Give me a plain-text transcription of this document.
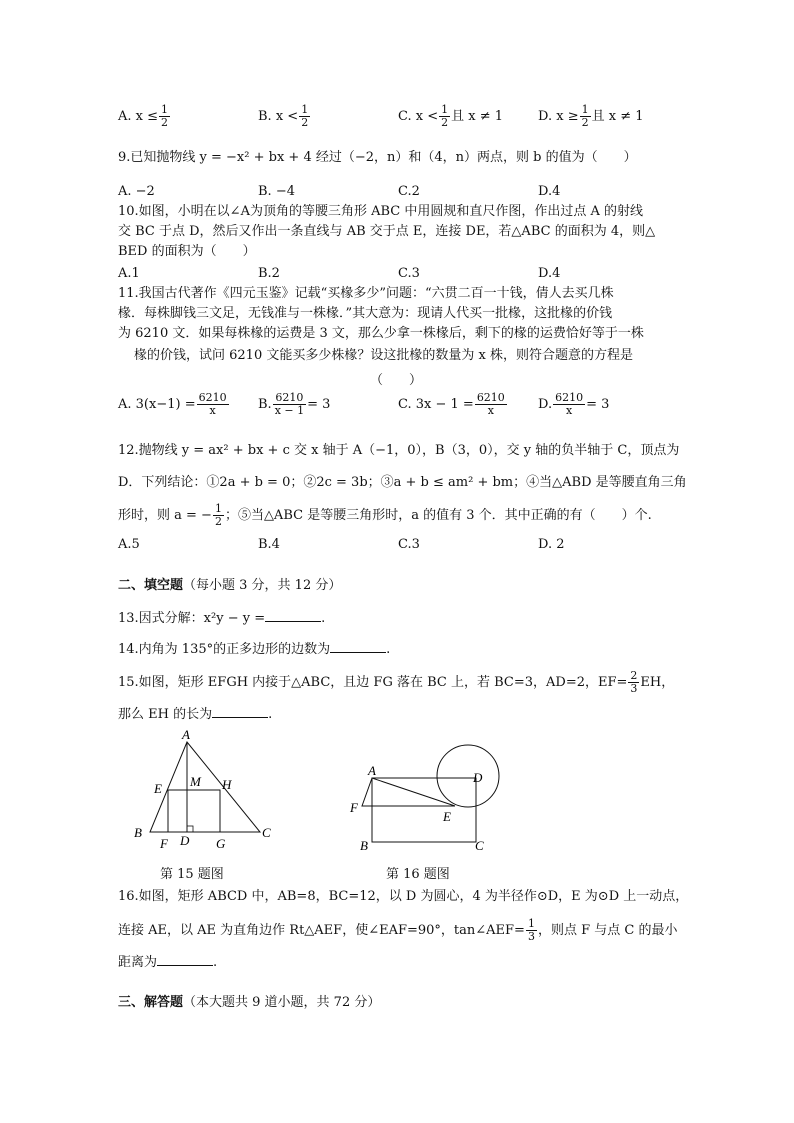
A. $x \le \frac{1}{2}$	B. $x < \frac{1}{2}$	C. $x < \frac{1}{2}$ 且 x ≠ 1	D. $x \ge \frac{1}{2}$ 且 x ≠ 1
9.已知抛物线 y = −x² + bx + 4 经过（−2，n）和（4，n）两点，则 b 的值为（　　）
A. −2	B. −4	C.2	D.4
10.如图，小明在以∠A为顶角的等腰三角形 ABC 中用圆规和直尺作图，作出过点 A 的射线
交 BC 于点 D，然后又作出一条直线与 AB 交于点 E，连接 DE，若△ABC 的面积为 4，则△
BED 的面积为（　　）
A.1	B.2	C.3	D.4
11.我国古代著作《四元玉鉴》记载“买椽多少”问题：“六贯二百一十钱，倩人去买几株
椽．每株脚钱三文足，无钱准与一株椽．”其大意为：现请人代买一批椽，这批椽的价钱
为 6210 文．如果每株椽的运费是 3 文，那么少拿一株椽后，剩下的椽的运费恰好等于一株
椽的价钱，试问 6210 文能买多少株椽？设这批椽的数量为 x 株，则符合题意的方程是
（　　）
A. $3(x-1) = \frac{6210}{x} B$. $\frac{6210}{x - 1} = 3$	C. $3x - 1 = \frac{6210}{x} D$. $\frac{6210}{x} = 3$
12.抛物线 y = ax² + bx + c 交 x 轴于 A（−1，0），B（3，0），交 y 轴的负半轴于 C，顶点为
D．下列结论：①2a + b = 0；②2c = 3b；③a + b ≤ am² + bm；④当△ABD 是等腰直角三角
形时，则 a = − $\frac{1}{2}$ ；⑤当△ABC 是等腰三角形时，a 的值有 3 个．其中正确的有（　　）个.
A.5	B.4	C.3	D. 2
二、填空题（每小题 3 分，共 12 分）
13.因式分解：x²y − y =	.
14.内角为 135°的正多边形的边数为	.
15.如图，矩形 EFGH 内接于△ABC，且边 FG 落在 BC 上，若 BC=3，AD=2，$EF= \frac{2}{3}$ EH，
那么 EH 的长为	.
A
M
E	H
B
D
C
F	G
第 15 题图
A	D
F
E
B	C
第 16 题图
16.如图，矩形 ABCD 中，AB=8，BC=12，以 D 为圆心，4 为半径作⊙D，E 为⊙D 上一动点，
连接 AE，以 AE 为直角边作 Rt△AEF，使∠EAF=90°，tan∠AEF= $\frac{1}{3}$ ，则点 F 与点 C 的最小
距离为	.
三、解答题（本大题共 9 道小题，共 72 分）
